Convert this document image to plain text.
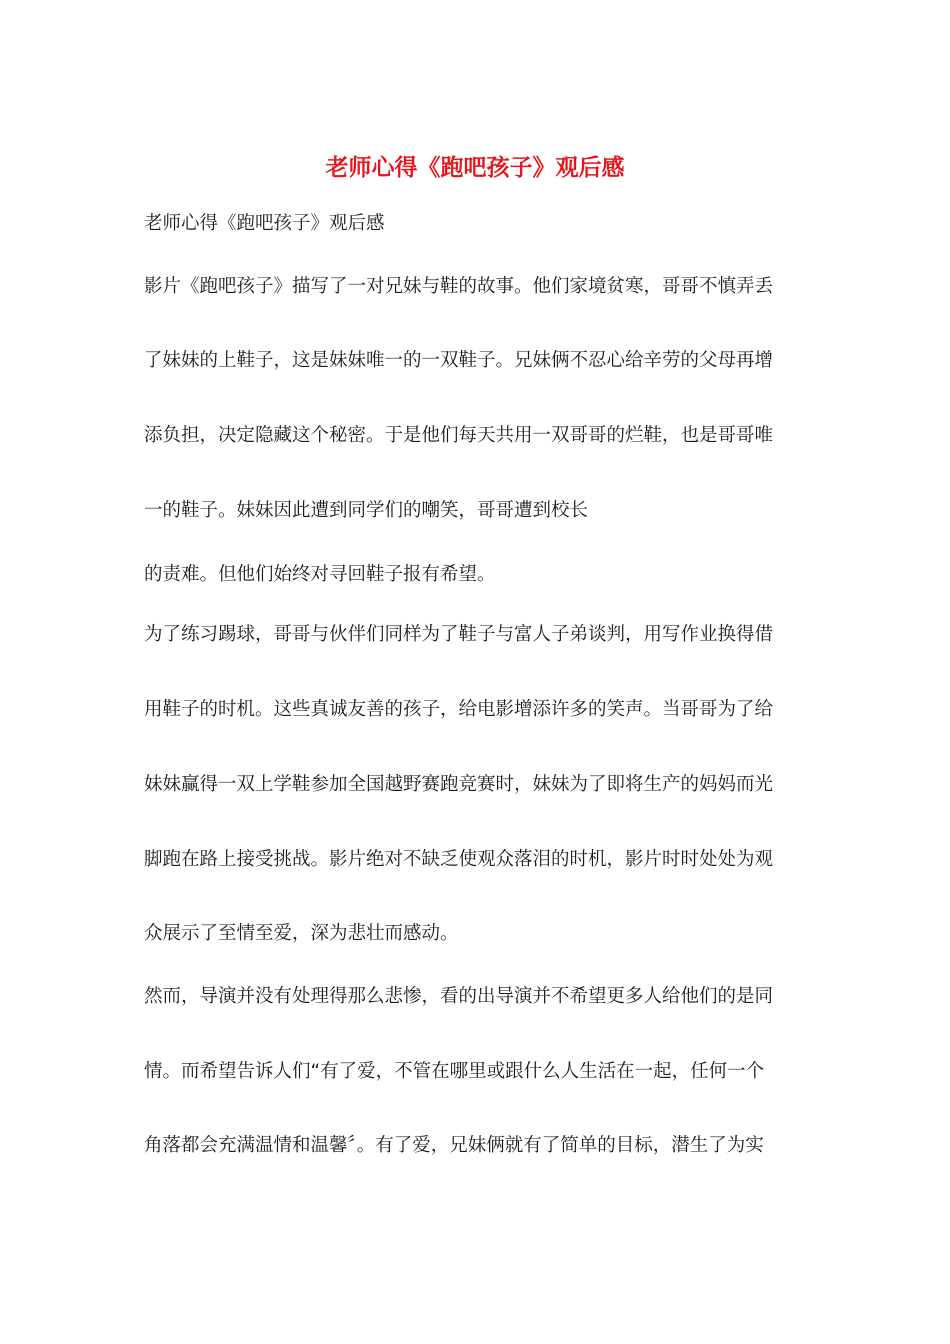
老师心得《跑吧孩子》观后感
老师心得《跑吧孩子》观后感
影片《跑吧孩子》描写了一对兄妹与鞋的故事。他们家境贫寒，哥哥不慎弄丢
了妹妹的上鞋子，这是妹妹唯一的一双鞋子。兄妹俩不忍心给辛劳的父母再增
添负担，决定隐藏这个秘密。于是他们每天共用一双哥哥的烂鞋，也是哥哥唯
一的鞋子。妹妹因此遭到同学们的嘲笑，哥哥遭到校长
的责难。但他们始终对寻回鞋子报有希望。
为了练习踢球，哥哥与伙伴们同样为了鞋子与富人子弟谈判，用写作业换得借
用鞋子的时机。这些真诚友善的孩子，给电影增添许多的笑声。当哥哥为了给
妹妹赢得一双上学鞋参加全国越野赛跑竞赛时，妹妹为了即将生产的妈妈而光
脚跑在路上接受挑战。影片绝对不缺乏使观众落泪的时机，影片时时处处为观
众展示了至情至爱，深为悲壮而感动。
然而，导演并没有处理得那么悲惨，看的出导演并不希望更多人给他们的是同
情。而希望告诉人们“有了爱，不管在哪里或跟什么人生活在一起，任何一个
角落都会充满温情和温馨〞。有了爱，兄妹俩就有了简单的目标，潜生了为实
